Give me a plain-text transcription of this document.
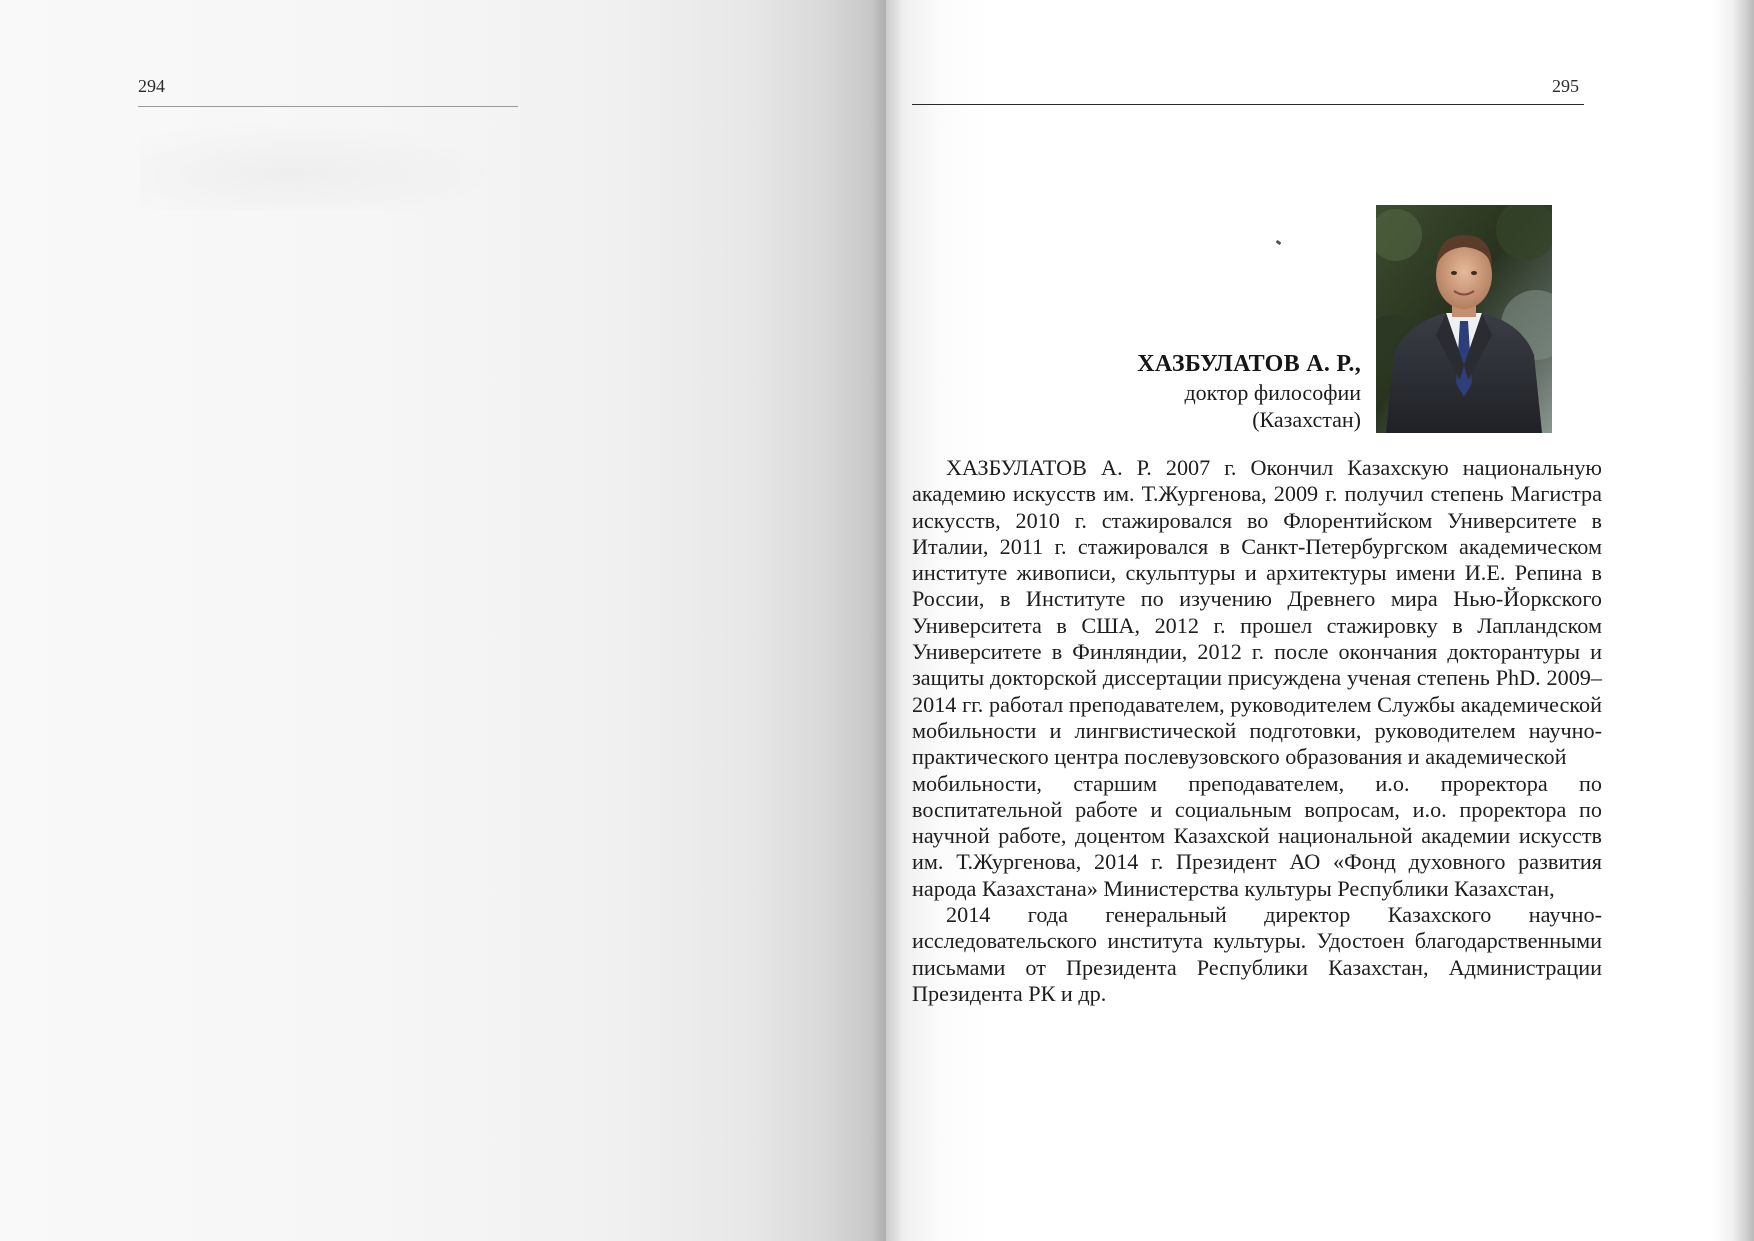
294	295
ХАЗБУЛАТОВ А. Р.,
доктор философии
(Казахстан)

ХАЗБУЛАТОВ А. Р. 2007 г. Окончил Казахскую национальную академию искусств им. Т.Жургенова, 2009 г. получил степень Магистра искусств, 2010 г. стажировался во Флорентийском Университете в Италии, 2011 г. стажировался в Санкт-Петербургском академическом институте живописи, скульптуры и архитектуры имени И.Е. Репина в России, в Институте по изучению Древнего мира Нью-Йоркского Университета в США, 2012 г. прошел стажировку в Лапландском Университете в Финляндии, 2012 г. после окончания докторантуры и защиты докторской диссертации присуждена ученая степень PhD. 2009–2014 гг. работал преподавателем, руководителем Службы академической мобильности и лингвистической подготовки, руководителем научно-практического центра послевузовского образования и академической

мобильности, старшим преподавателем, и.о. проректора по воспитательной работе и социальным вопросам, и.о. проректора по научной работе, доцентом Казахской национальной академии искусств им. Т.Жургенова, 2014 г. Президент АО «Фонд духовного развития народа Казахстана» Министерства культуры Республики Казахстан,

2014 года генеральный директор Казахского научно-исследовательского института культуры. Удостоен благодарственными письмами от Президента Республики Казахстан, Администрации Президента РК и др.
